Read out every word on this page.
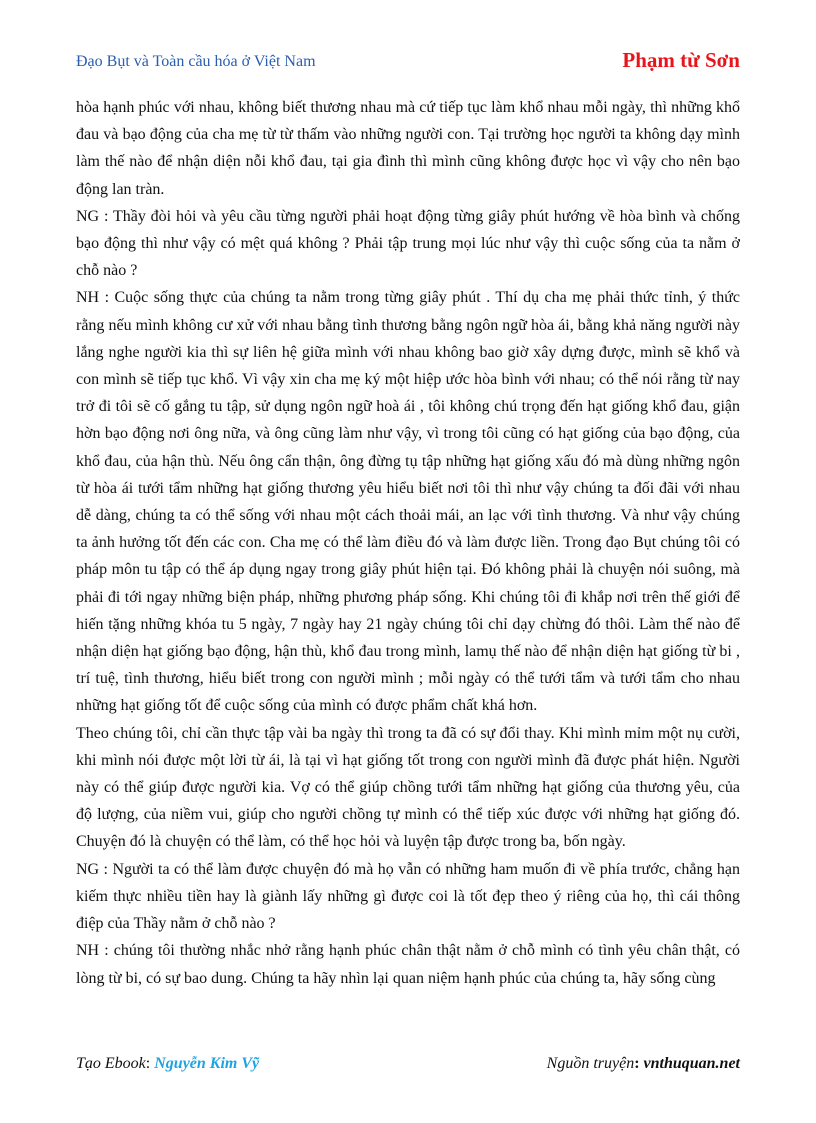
Đạo Bụt và Toàn cầu hóa ở Việt Nam	Phạm từ Sơn

hòa hạnh phúc với nhau, không biết thương nhau mà cứ tiếp tục làm khổ nhau mỗi ngày, thì những khổ đau và bạo động của cha mẹ từ từ thấm vào những người con. Tại trường học người ta không dạy mình làm thế nào để nhận diện nỗi khổ đau, tại gia đình thì mình cũng không được học vì vậy cho nên bạo động lan tràn.

NG : Thầy đòi hỏi và yêu cầu từng người phải hoạt động từng giây phút hướng về hòa bình và chống bạo động thì như vậy có mệt quá không ? Phải tập trung mọi lúc như vậy thì cuộc sống của ta nằm ở chỗ nào ?

NH : Cuộc sống thực của chúng ta nằm trong từng giây phút . Thí dụ cha mẹ phải thức tỉnh, ý thức rằng nếu mình không cư xử với nhau bằng tình thương bằng ngôn ngữ hòa ái, bằng khả năng người này lắng nghe người kia thì sự liên hệ giữa mình với nhau không bao giờ xây dựng được, mình sẽ khổ và con mình sẽ tiếp tục khổ. Vì vậy xin cha mẹ ký một hiệp ước hòa bình với nhau; có thể nói rằng từ nay trở đi tôi sẽ cố gắng tu tập, sử dụng ngôn ngữ hoà ái , tôi không chú trọng đến hạt giống khổ đau, giận hờn bạo động nơi ông nữa, và ông cũng làm như vậy, vì trong tôi cũng có hạt giống của bạo động, của khổ đau, của hận thù. Nếu ông cẩn thận, ông đừng tụ tập những hạt giống xấu đó mà dùng những ngôn từ hòa ái tưới tẩm những hạt giống thương yêu hiểu biết nơi tôi thì như vậy chúng ta đối đãi với nhau dễ dàng, chúng ta có thể sống với nhau một cách thoải mái, an lạc với tình thương. Và như vậy chúng ta ảnh hưởng tốt đến các con. Cha mẹ có thể làm điều đó và làm được liền. Trong đạo Bụt chúng tôi có pháp môn tu tập có thể áp dụng ngay trong giây phút hiện tại. Đó không phải là chuyện nói suông, mà phải đi tới ngay những biện pháp, những phương pháp sống. Khi chúng tôi đi khắp nơi trên thế giới để hiến tặng những khóa tu 5 ngày, 7 ngày hay 21 ngày chúng tôi chỉ dạy chừng đó thôi. Làm thế nào để nhận diện hạt giống bạo động, hận thù, khổ đau trong mình, lamụ thế nào để nhận diện hạt giống từ bi , trí tuệ, tình thương, hiểu biết trong con người mình ; mỗi ngày có thể tưới tẩm và tưới tẩm cho nhau những hạt giống tốt để cuộc sống của mình có được phẩm chất khá hơn.

Theo chúng tôi, chỉ cần thực tập vài ba ngày thì trong ta đã có sự đổi thay. Khi mình mỉm một nụ cười, khi mình nói được một lời từ ái, là tại vì hạt giống tốt trong con người mình đã được phát hiện. Người này có thể giúp được người kia. Vợ có thể giúp chồng tưới tẩm những hạt giống của thương yêu, của độ lượng, của niềm vui, giúp cho người chồng tự mình có thể tiếp xúc được với những hạt giống đó. Chuyện đó là chuyện có thể làm, có thể học hỏi và luyện tập được trong ba, bốn ngày.

NG : Người ta có thể làm được chuyện đó mà họ vẫn có những ham muốn đi về phía trước, chẳng hạn kiếm thực nhiều tiền hay là giành lấy những gì được coi là tốt đẹp theo ý riêng của họ, thì cái thông điệp của Thầy nằm ở chỗ nào ?

NH : chúng tôi thường nhắc nhở rằng hạnh phúc chân thật nằm ở chỗ mình có tình yêu chân thật, có lòng từ bi, có sự bao dung. Chúng ta hãy nhìn lại quan niệm hạnh phúc của chúng ta, hãy sống cùng

Tạo Ebook: Nguyễn Kim Vỹ	Nguồn truyện: vnthuquan.net
